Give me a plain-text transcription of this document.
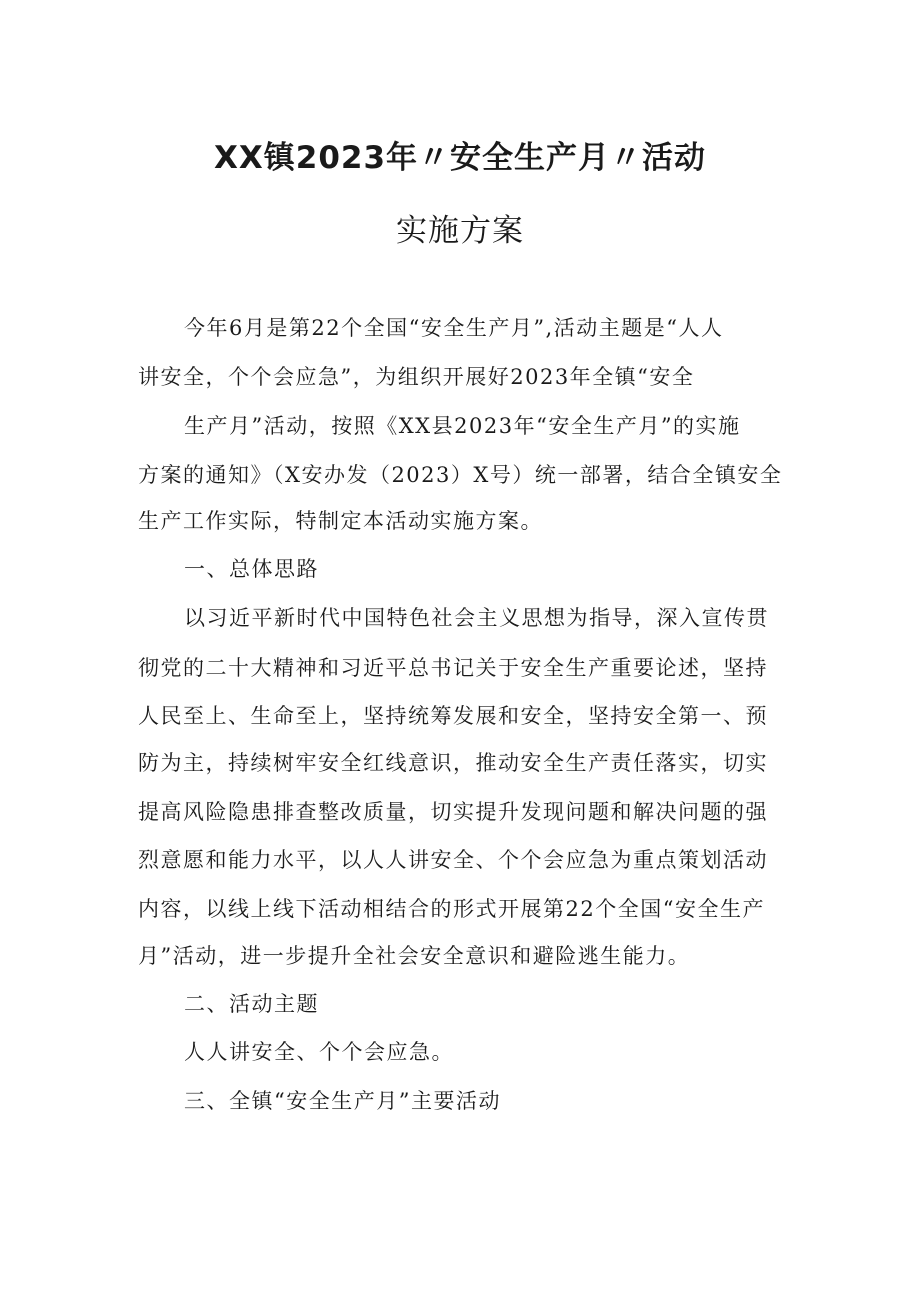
XX镇2023年〃安全生产月〃活动
实施方案
今年6月是第22个全国“安全生产月”,活动主题是“人人
讲安全，个个会应急”，为组织开展好2023年全镇“安全
生产月”活动，按照《XX县2023年“安全生产月”的实施
方案的通知》（X安办发（2023）X号）统一部署，结合全镇安全
生产工作实际，特制定本活动实施方案。
一、总体思路
以习近平新时代中国特色社会主义思想为指导，深入宣传贯
彻党的二十大精神和习近平总书记关于安全生产重要论述，坚持
人民至上、生命至上，坚持统筹发展和安全，坚持安全第一、预
防为主，持续树牢安全红线意识，推动安全生产责任落实，切实
提高风险隐患排查整改质量，切实提升发现问题和解决问题的强
烈意愿和能力水平，以人人讲安全、个个会应急为重点策划活动
内容，以线上线下活动相结合的形式开展第22个全国“安全生产
月”活动，进一步提升全社会安全意识和避险逃生能力。
二、活动主题
人人讲安全、个个会应急。
三、全镇“安全生产月”主要活动
